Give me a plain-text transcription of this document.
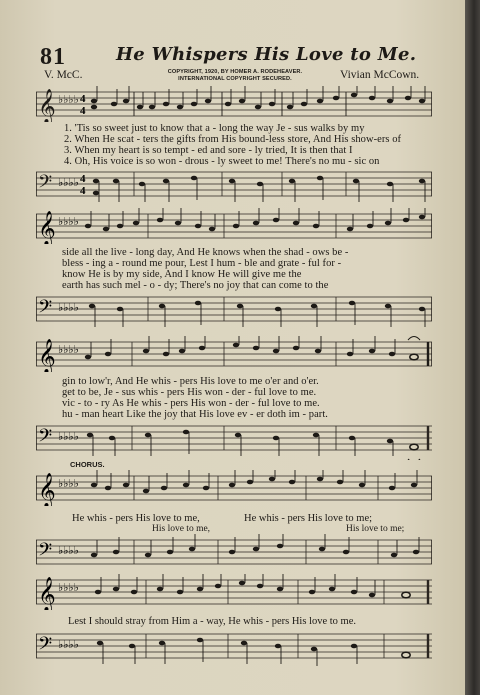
81	He Whispers His Love to Me.
V. McC.	COPYRIGHT, 1920, BY HOMER A. RODEHEAVER.
INTERNATIONAL COPYRIGHT SECURED.	Vivian McCown.
𝄞 ♭♭♭♭ 4
4
1. 'Tis so sweet just to know that a - long the way Je - sus walks by my
2. When He scat - ters the gifts from His bound-less store, And His show-ers of
3. When my heart is so tempt - ed and sore - ly tried, It is then that I
4. Oh, His voice is so won - drous - ly sweet to me! There's no mu - sic on
𝄢 ♭♭♭♭ 4
4
𝄞 ♭♭♭♭
side all the live - long day, And He knows when the shad - ows be -
bless - ing a - round me pour, Lest I hum - ble and grate - ful for -
know He is by my side, And I know He will give me the
earth has such mel - o - dy; There's no joy that can come to the
𝄢 ♭♭♭♭
𝄞 ♭♭♭♭
gin to low'r, And He whis - pers His love to me o'er and o'er.
get to be, Je - sus whis - pers His won - der - ful love to me.
vic - to - ry As He whis - pers His won - der - ful love to me.
hu - man heart Like the joy that His love ev - er doth im - part.
𝄢 ♭♭♭♭
CHORUS.
𝄞 ♭♭♭♭
He whis - pers His love to me,	He whis - pers His love to me;
His love to me,	His love to me;
𝄢 ♭♭♭♭
𝄞 ♭♭♭♭
Lest I should stray from Him a - way, He whis - pers His love to me.
𝄢 ♭♭♭♭
